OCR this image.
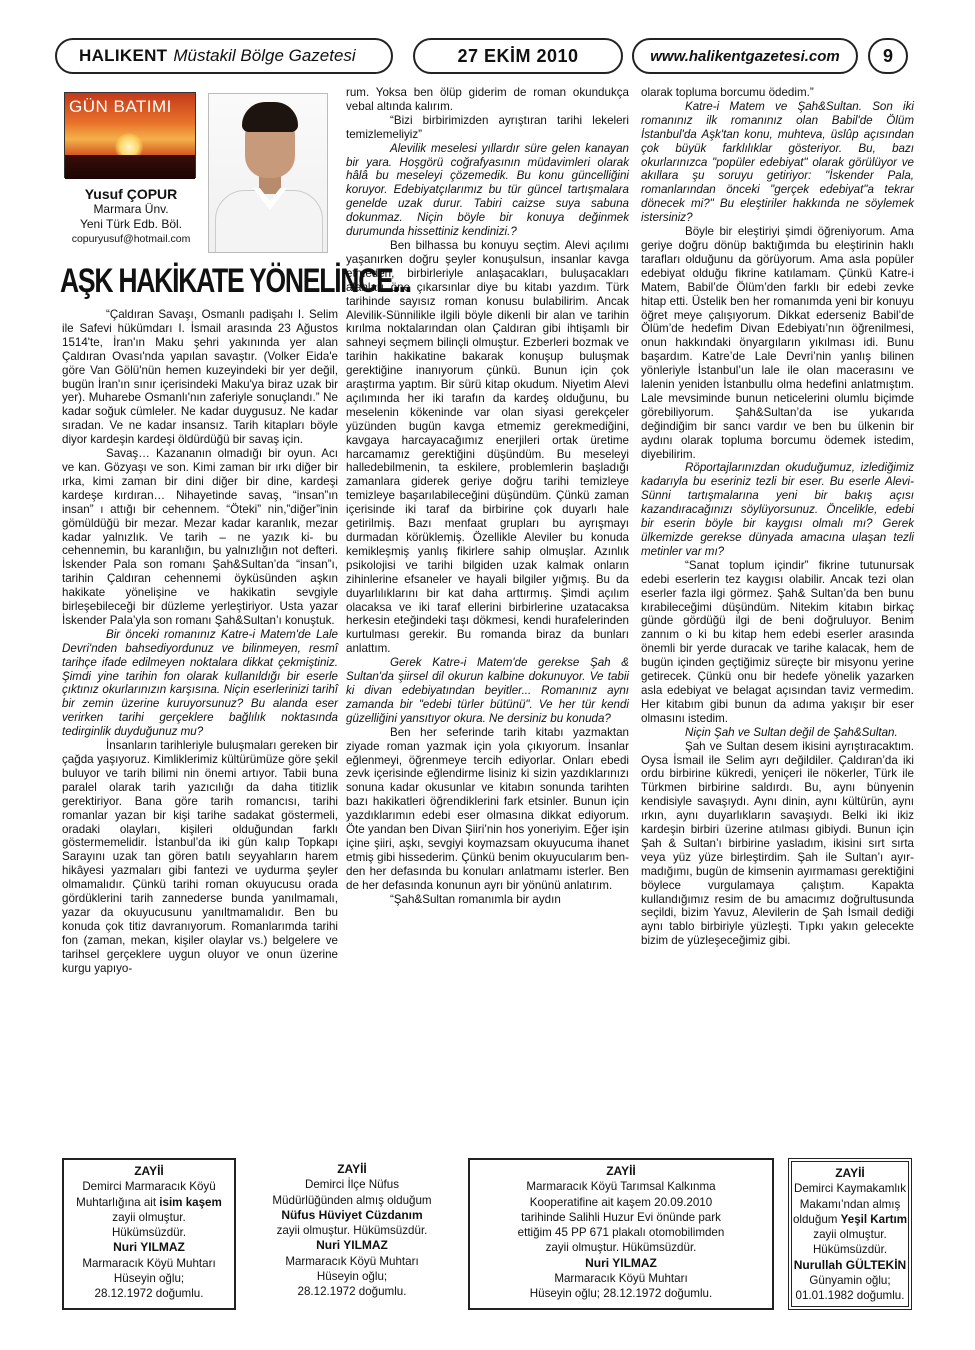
HALIKENT Müstakil Bölge Gazetesi	27 EKİM 2010	www.halikentgazetesi.com	9
GÜN BATIMI
Yusuf ÇOPUR
Marmara Ünv.
Yeni Türk Edb. Böl.
copuryusuf@hotmail.com
AŞK HAKİKATE YÖNELİNCE...

“Çaldıran Savaşı, Osmanlı padişahı I. Selim ile Safevi hükümdarı I. İsmail arasında 23 Ağustos 1514'te, İran'ın Maku şehri yakınında yer alan Çaldıran Ovası'nda yapılan savaştır. (Volker Eida'e göre Van Gölü'nün hemen kuzeyindeki bir yer değil, bugün İran'ın sınır içerisindeki Maku'ya biraz uzak bir yer). Muharebe Osmanlı'nın zaferiyle sonuçlandı.” Ne kadar soğuk cümleler. Ne kadar duygusuz. Ne kadar sıradan. Ve ne kadar insansız. Tarih kitapları böyle diyor kardeşin kardeşi öldürdüğü bir savaş için.

Savaş… Kazananın olmadığı bir oyun. Acı ve kan. Gözyaşı ve son. Kimi zaman bir ırkı diğer bir ırka, kimi zaman bir dini diğer bir dine, kardeşi kardeşe kırdıran… Nihayetinde savaş, “insan”ın insan” ı attığı bir cehennem. “Öteki” nin,”diğer”inin gömüldüğü bir mezar. Mezar kadar karanlık, mezar kadar yalnızlık. Ve tarih – ne yazık ki- bu cehennemin, bu karanlığın, bu yalnızlığın not defteri. İskender Pala son romanı Şah&Sultan’da “insan”ı, tarihin Çaldıran cehennemi öyküsünden aşkın hakikate yönelişine ve hakikatin sevgiyle birleşebileceği bir düzleme yerleştiriyor. Usta yazar İskender Pala’yla son romanı Şah&Sultan’ı konuştuk.

Bir önceki romanınız Katre-i Matem'de Lale Devri'nden bahsediyordunuz ve bilinmeyen, resmî tarihçe ifade edilmeyen noktalara dikkat çekmiştiniz. Şimdi yine tarihin fon olarak kullanıldığı bir eserle çıktınız okurlarınızın karşısına. Niçin eserlerinizi tarihî bir zemin üzerine kuruyorsunuz? Bu alanda eser verirken tarihi gerçeklere bağlılık noktasında tedirginlik duyduğunuz mu?

İnsanların tarihleriyle buluşmaları gereken bir çağda yaşıyoruz. Kimliklerimiz kültürümüze göre şekil buluyor ve tarih bilimi nin önemi artıyor. Tabii buna paralel olarak tarih yazıcılığı da daha titizlik gerektiriyor. Bana göre tarih romancısı, tarihi romanlar yazan bir kişi tarihe sadakat göstermeli, oradaki olayları, kişileri olduğundan farklı göstermemelidir. İstanbul’da iki gün kalıp Topkapı Sarayını uzak tan gören batılı seyyahların harem hikâyesi yazmaları gibi fantezi ve uydurma şeyler olmamalıdır. Çünkü tarihi roman okuyucusu orada gördüklerini tarih zannederse bunda yanılmamalı, yazar da okuyucusunu yanıltmamalıdır. Ben bu konuda çok titiz davranıyorum. Romanlarımda tarihi fon (zaman, mekan, kişiler olaylar vs.) belgelere ve tarihsel gerçeklere uygun oluyor ve onun üzerine kurgu yapıyo-

rum. Yoksa ben ölüp giderim de roman okundukça vebal altında kalırım.

“Bizi birbirimizden ayrıştıran tarihi lekeleri temizlemeliyiz”

Alevilik meselesi yıllardır süre gelen kanayan bir yara. Hoşgörü coğrafyasının müdavimleri olarak hâlâ bu meseleyi çözemedik. Bu konu güncelliğini koruyor. Edebiyatçılarımız bu tür güncel tartışmalara genelde uzak durur. Tabiri caizse suya sabuna dokunmaz. Niçin böyle bir konuya değinmek durumunda hissettiniz kendinizi.?

Ben bilhassa bu konuyu seçtim. Alevi açılımı yaşanırken doğru şeyler konuşulsun, insanlar kavga etmeden, birbirleriyle anlaşacakları, buluşacakları alanları öne çıkarsınlar diye bu kitabı yazdım. Türk tarihinde sayısız roman konusu bulabilirim. Ancak Alevilik-Sünnilikle ilgili böyle dikenli bir alan ve tarihin kırılma noktalarından olan Çaldıran gibi ihtişamlı bir sahneyi seçmem bilinçli olmuştur. Ezberleri bozmak ve tarihin hakikatine bakarak konuşup buluşmak gerektiğine inanıyorum çünkü. Bunun için çok araştırma yaptım. Bir sürü kitap okudum. Niyetim Alevi açılımında her iki tarafın da kardeş olduğunu, bu meselenin kökeninde var olan siyasi gerekçeler yüzünden bugün kavga etmemiz gerekmediğini, kavgaya harcayacağımız enerjileri ortak üretime harcamamız gerektiğini düşündüm. Bu meseleyi halledebilmenin, ta eskilere, problemlerin başladığı zamanlara giderek geriye doğru tarihi temizleye temizleye başarılabileceğini düşündüm. Çünkü zaman içerisinde iki taraf da birbirine çok duyarlı hale getirilmiş. Bazı menfaat grupları bu ayrışmayı durmadan körüklemiş. Özellikle Aleviler bu konuda kemikleşmiş yanlış fikirlere sahip olmuşlar. Azınlık psikolojisi ve tarihi bilgiden uzak kalmak onların zihinlerine efsaneler ve hayali bilgiler yığmış. Bu da duyarlılıklarını bir kat daha arttırmış. Şimdi açılım olacaksa ve iki taraf ellerini birbirlerine uzatacaksa herkesin eteğindeki taşı dökmesi, kendi hurafelerinden kurtulması gerekir. Bu romanda biraz da bunları anlattım.

Gerek Katre-i Matem'de gerekse Şah & Sultan'da şiirsel dil okurun kalbine dokunuyor. Ve tabii ki divan edebiyatından beyitler... Romanınız aynı zamanda bir "edebi türler bütünü". Ve her tür kendi güzelliğini yansıtıyor okura. Ne dersiniz bu konuda?

Ben her seferinde tarih kitabı yazmaktan ziyade roman yazmak için yola çıkıyorum. İnsanlar eğlenmeyi, öğrenmeye tercih ediyorlar. Onları ebedi zevk içerisinde eğlendirme lisiniz ki sizin yazdıklarınızı sonuna kadar okusunlar ve kitabın sonunda tarihten bazı hakikatleri öğrendiklerini fark etsinler. Bunun için yazdıklarımın edebi eser olmasına dikkat ediyorum. Öte yandan ben Divan Şiiri’nin hos yoneriyim. Eğer işin içine şiiri, aşkı, sevgiyi koymazsam okuyucuma ihanet etmiş gibi hissederim. Çünkü benim okuyucularım benden her defasında bu konuları anlatmamı isterler. Ben de her defasında konunun ayrı bir yönünü anlatırım.

“Şah&Sultan romanımla bir aydın

olarak topluma borcumu ödedim.”

Katre-i Matem ve Şah&Sultan. Son iki romanınız ilk romanınız olan Babil'de Ölüm İstanbul'da Aşk'tan konu, muhteva, üslûp açısından çok büyük farklılıklar gösteriyor. Bu, bazı okurlarınızca "popüler edebiyat" olarak görülüyor ve akıllara şu soruyu getiriyor: "İskender Pala, romanlarından önceki "gerçek edebiyat"a tekrar dönecek mi?" Bu eleştiriler hakkında ne söylemek istersiniz?

Böyle bir eleştiriyi şimdi öğreniyorum. Ama geriye doğru dönüp baktığımda bu eleştirinin haklı tarafları olduğunu da görüyorum. Ama asla popüler edebiyat olduğu fikrine katılamam. Çünkü Katre-i Matem, Babil’de Ölüm’den farklı bir edebi zevke hitap etti. Üstelik ben her romanımda yeni bir konuyu öğret meye çalışıyorum. Dikkat ederseniz Babil’de Ölüm’de hedefim Divan Edebiyatı’nın öğrenilmesi, onun hakkındaki önyargıların yıkılması idi. Bunu başardım. Katre’de Lale Devri’nin yanlış bilinen yönleriyle İstanbul’un lale ile olan macerasını ve lalenin yeniden İstanbullu olma hedefini anlatmıştım. Lale mevsiminde bunun neticelerini olumlu biçimde görebiliyorum. Şah&Sultan’da ise yukarıda değindiğim bir sancı vardır ve ben bu ülkenin bir aydını olarak topluma borcumu ödemek istedim, diyebilirim.

Röportajlarınızdan okuduğumuz, izlediğimiz kadarıyla bu eseriniz tezli bir eser. Bu eserle Alevi- Sünni tartışmalarına yeni bir bakış açısı kazandıracağınızı söylüyorsunuz. Öncelikle, edebi bir eserin böyle bir kaygısı olmalı mı? Gerek ülkemizde gerekse dünyada amacına ulaşan tezli metinler var mı?

“Sanat toplum içindir” fikrine tutunursak edebi eserlerin tez kaygısı olabilir. Ancak tezi olan eserler fazla ilgi görmez. Şah& Sultan’da ben bunu kırabileceğimi düşündüm. Nitekim kitabın birkaç günde gördüğü ilgi de beni doğruluyor. Benim zannım o ki bu kitap hem edebi eserler arasında önemli bir yerde duracak ve tarihe kalacak, hem de bugün içinden geçtiğimiz süreçte bir misyonu yerine getirecek. Çünkü onu bir hedefe yönelik yazarken asla edebiyat ve belagat açısından taviz vermedim. Her kitabım gibi bunun da adıma yakışır bir eser olmasını istedim.

Niçin Şah ve Sultan değil de Şah&Sultan.

Şah ve Sultan desem ikisini ayrıştıracaktım. Oysa İsmail ile Selim ayrı değildiler. Çaldıran’da iki ordu birbirine kükredi, yeniçeri ile nökerler, Türk ile Türkmen birbirine saldırdı. Bu, aynı bünyenin kendisiyle savaşıydı. Aynı dinin, aynı kültürün, aynı ırkın, aynı duyarlıkların savaşıydı. Belki iki ikiz kardeşin birbiri üzerine atılması gibiydi. Bunun için Şah & Sultan’ı birbirine yasladım, ikisini sırt sırta veya yüz yüze birleştirdim. Şah ile Sultan’ı ayırmadığımı, bugün de kimsenin ayırmaması gerektiğini böylece vurgulamaya çalıştım. Kapakta kullandığımız resim de bu amacımız doğrultusunda seçildi, bizim Yavuz, Alevilerin de Şah İsmail dediği aynı tablo birbiriyle yüzleşti. Tıpkı yakın gelecekte bizim de yüzleşeceğimiz gibi.

ZAYİİ
Demirci Marmaracık Köyü
Muhtarlığına ait isim kaşem
zayii olmuştur.
Hükümsüzdür.
Nuri YILMAZ
Marmaracık Köyü Muhtarı
Hüseyin oğlu;
28.12.1972 doğumlu.
ZAYİİ
Demirci İlçe Nüfus
Müdürlüğünden almış olduğum
Nüfus Hüviyet Cüzdanım
zayii olmuştur. Hükümsüzdür.
Nuri YILMAZ
Marmaracık Köyü Muhtarı
Hüseyin oğlu;
28.12.1972 doğumlu.
ZAYİİ
Marmaracık Köyü Tarımsal Kalkınma
Kooperatifine ait kaşem 20.09.2010
tarihinde Salihli Huzur Evi önünde park
ettiğim 45 PP 671 plakalı otomobilimden
zayii olmuştur. Hükümsüzdür.
Nuri YILMAZ
Marmaracık Köyü Muhtarı
Hüseyin oğlu; 28.12.1972 doğumlu.
ZAYİİ
Demirci Kaymakamlık
Makamı’ndan almış
olduğum Yeşil Kartım
zayii olmuştur.
Hükümsüzdür.
Nurullah GÜLTEKİN
Günyamin oğlu;
01.01.1982 doğumlu.
